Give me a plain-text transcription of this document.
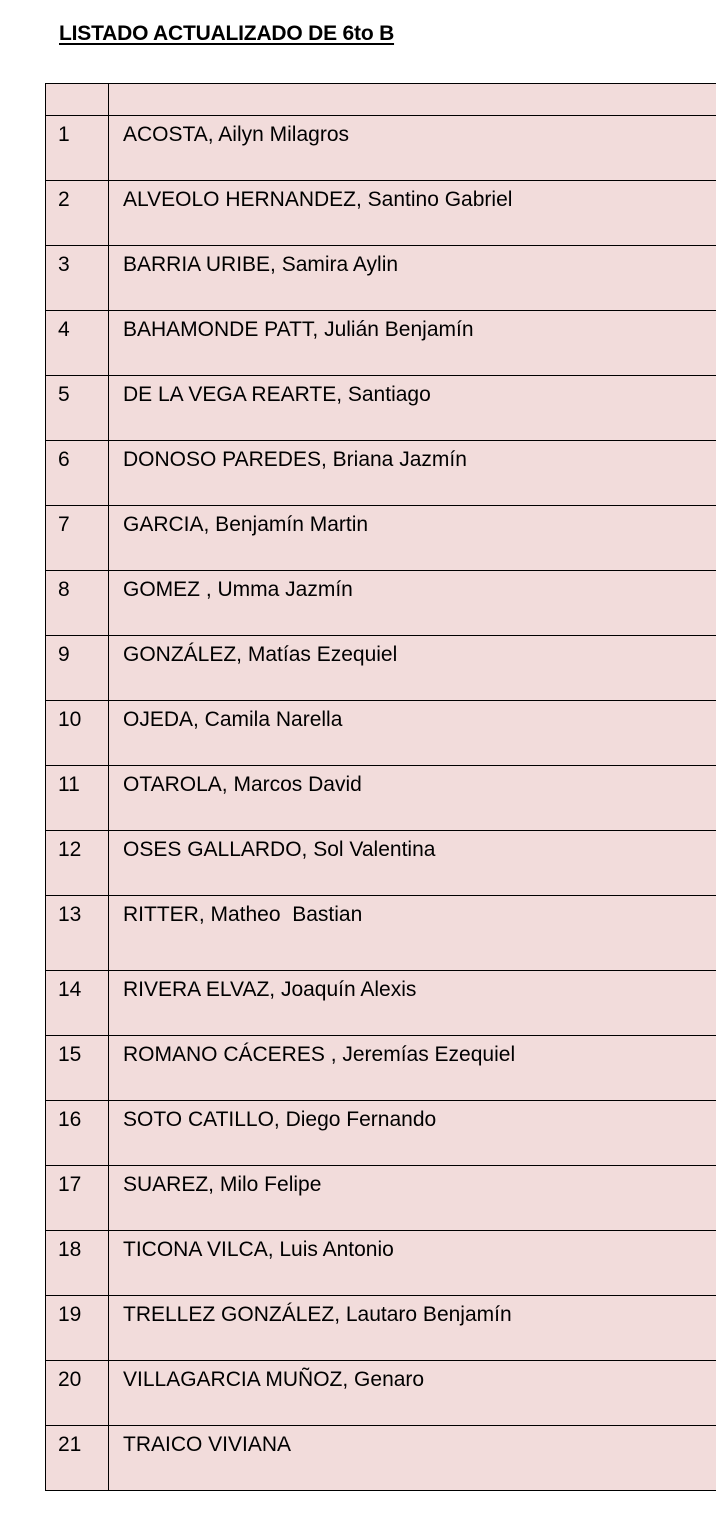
LISTADO ACTUALIZADO DE 6to B

1	ACOSTA, Ailyn Milagros
2	ALVEOLO HERNANDEZ, Santino Gabriel
3	BARRIA URIBE, Samira Aylin
4	BAHAMONDE PATT, Julián Benjamín
5	DE LA VEGA REARTE, Santiago
6	DONOSO PAREDES, Briana Jazmín
7	GARCIA, Benjamín Martin
8	GOMEZ , Umma Jazmín
9	GONZÁLEZ, Matías Ezequiel
10	OJEDA, Camila Narella
11	OTAROLA, Marcos David
12	OSES GALLARDO, Sol Valentina
13	RITTER, Matheo  Bastian
14	RIVERA ELVAZ, Joaquín Alexis
15	ROMANO CÁCERES , Jeremías Ezequiel
16	SOTO CATILLO, Diego Fernando
17	SUAREZ, Milo Felipe
18	TICONA VILCA, Luis Antonio
19	TRELLEZ GONZÁLEZ, Lautaro Benjamín
20	VILLAGARCIA MUÑOZ, Genaro
21	TRAICO VIVIANA
